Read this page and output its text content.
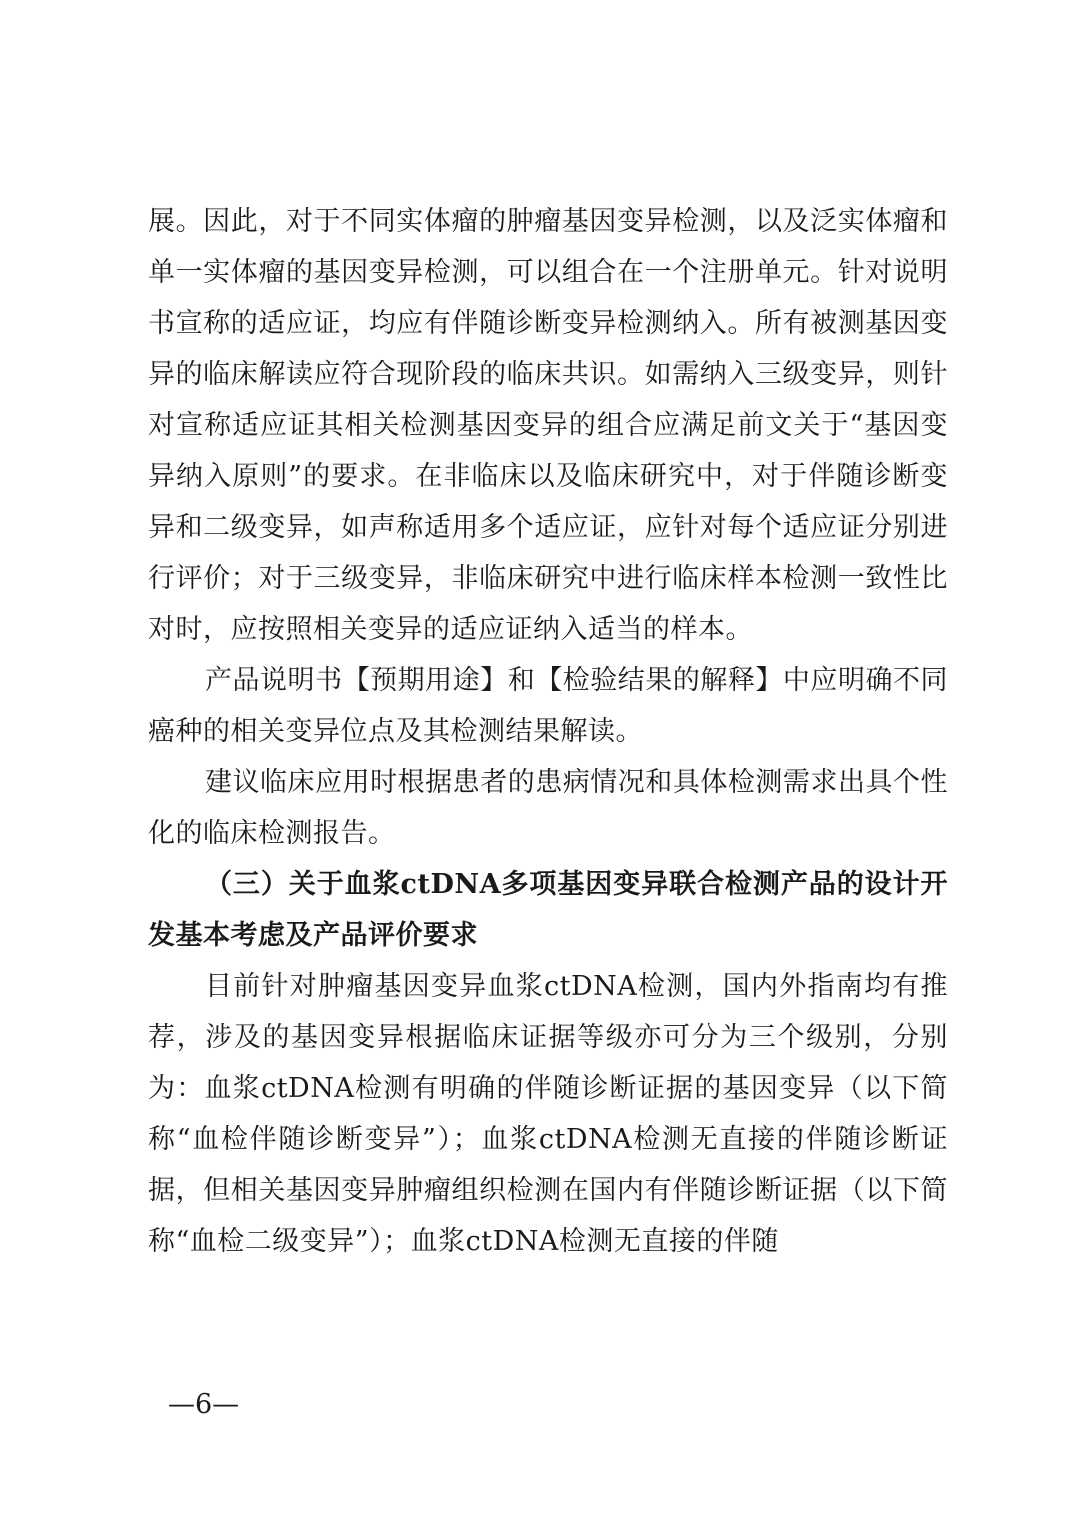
展。因此，对于不同实体瘤的肿瘤基因变异检测，以及泛实体瘤和单一实体瘤的基因变异检测，可以组合在一个注册单元。针对说明书宣称的适应证，均应有伴随诊断变异检测纳入。所有被测基因变异的临床解读应符合现阶段的临床共识。如需纳入三级变异，则针对宣称适应证其相关检测基因变异的组合应满足前文关于“基因变异纳入原则”的要求。在非临床以及临床研究中，对于伴随诊断变异和二级变异，如声称适用多个适应证，应针对每个适应证分别进行评价；对于三级变异，非临床研究中进行临床样本检测一致性比对时，应按照相关变异的适应证纳入适当的样本。

产品说明书【预期用途】和【检验结果的解释】中应明确不同癌种的相关变异位点及其检测结果解读。

建议临床应用时根据患者的患病情况和具体检测需求出具个性化的临床检测报告。

（三）关于血浆ctDNA多项基因变异联合检测产品的设计开发基本考虑及产品评价要求

目前针对肿瘤基因变异血浆ctDNA检测，国内外指南均有推荐，涉及的基因变异根据临床证据等级亦可分为三个级别，分别为：血浆ctDNA检测有明确的伴随诊断证据的基因变异（以下简称“血检伴随诊断变异”）；血浆ctDNA检测无直接的伴随诊断证据，但相关基因变异肿瘤组织检测在国内有伴随诊断证据（以下简称“血检二级变异”）；血浆ctDNA检测无直接的伴随

—6—
